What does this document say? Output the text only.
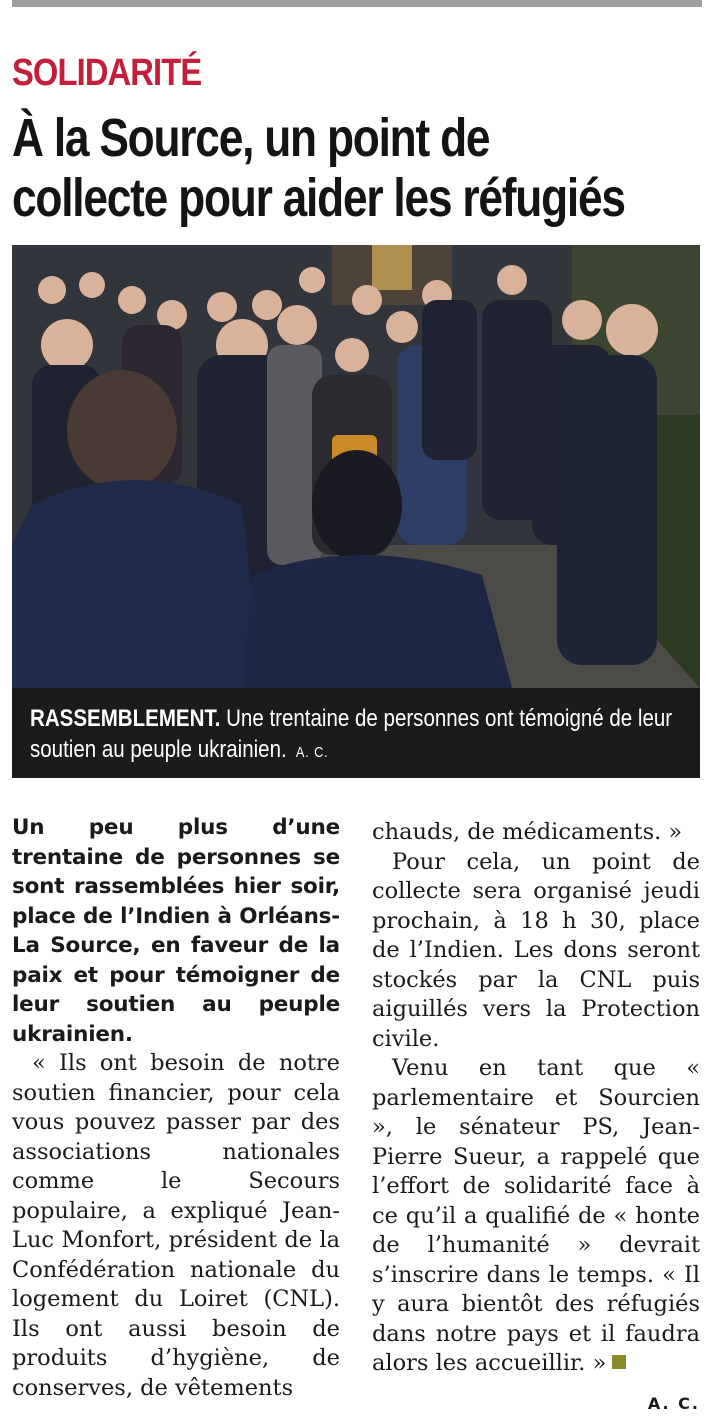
SOLIDARITÉ
À la Source, un point de
collecte pour aider les réfugiés
RASSEMBLEMENT. Une trentaine de personnes ont témoigné de leur soutien au peuple ukrainien. A. C.

Un peu plus d’une trentaine de personnes se sont rassemblées hier soir, place de l’Indien à Orléans-La Source, en faveur de la paix et pour témoigner de leur soutien au peuple ukrainien.

« Ils ont besoin de notre soutien financier, pour cela vous pouvez passer par des associations nationales comme le Secours populaire, a expliqué Jean-Luc Monfort, président de la Confédération nationale du logement du Loiret (CNL). Ils ont aussi besoin de produits d’hygiène, de conserves, de vêtements

chauds, de médicaments. »

Pour cela, un point de collecte sera organisé jeudi prochain, à 18 h 30, place de l’Indien. Les dons seront stockés par la CNL puis aiguillés vers la Protection civile.

Venu en tant que « parlementaire et Sourcien », le sénateur PS, Jean-Pierre Sueur, a rappelé que l’effort de solidarité face à ce qu’il a qualifié de « honte de l’humanité » devrait s’inscrire dans le temps. « Il y aura bientôt des réfugiés dans notre pays et il faudra alors les accueillir. »

A. C.
